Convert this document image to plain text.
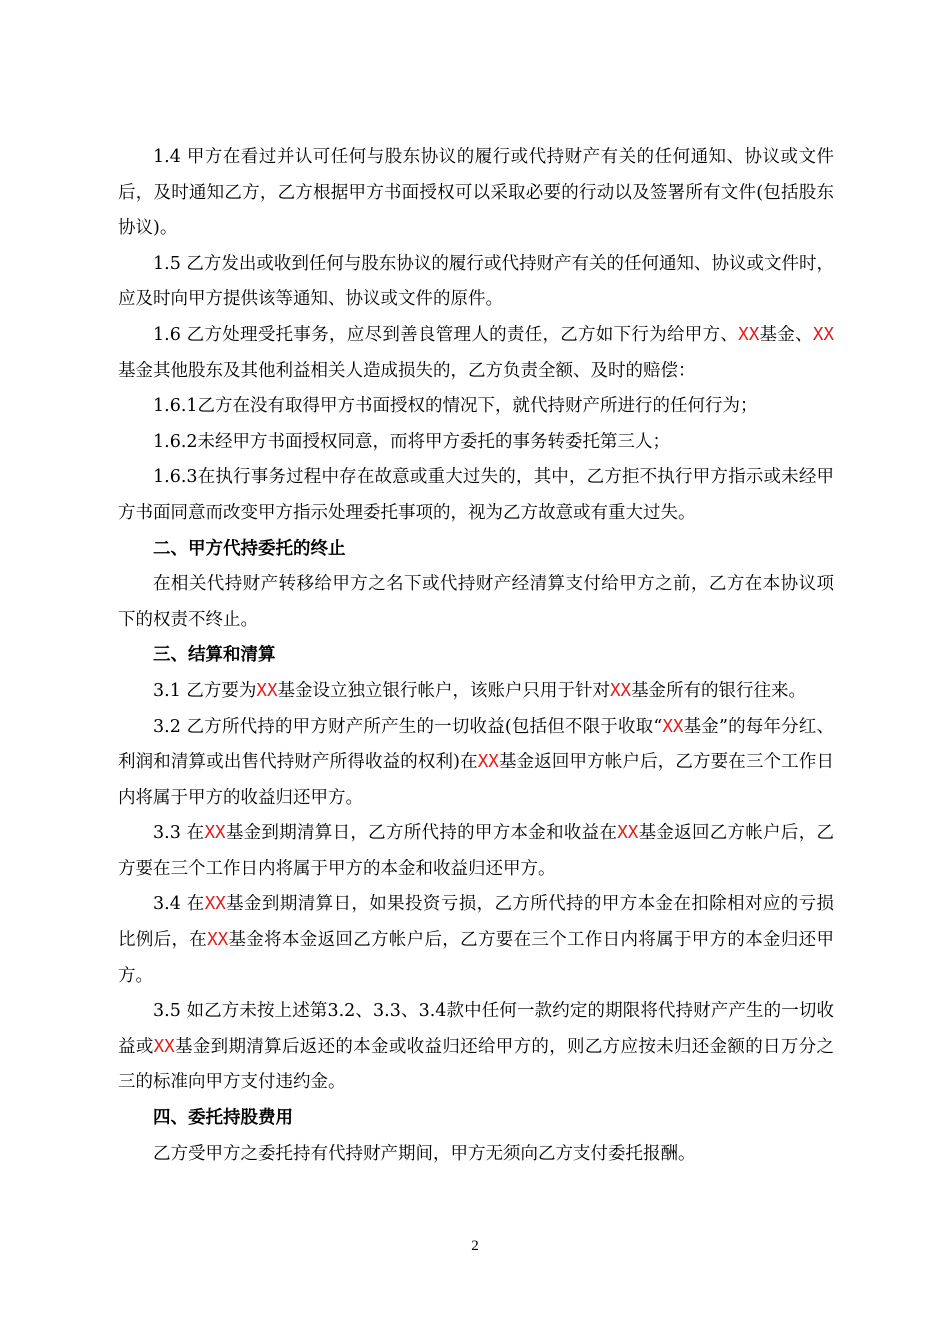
1.4 甲方在看过并认可任何与股东协议的履行或代持财产有关的任何通知、协议或文件后，及时通知乙方，乙方根据甲方书面授权可以采取必要的行动以及签署所有文件(包括股东协议)。

1.5 乙方发出或收到任何与股东协议的履行或代持财产有关的任何通知、协议或文件时，应及时向甲方提供该等通知、协议或文件的原件。

1.6 乙方处理受托事务，应尽到善良管理人的责任，乙方如下行为给甲方、XX基金、XX基金其他股东及其他利益相关人造成损失的，乙方负责全额、及时的赔偿：

1.6.1乙方在没有取得甲方书面授权的情况下，就代持财产所进行的任何行为；

1.6.2未经甲方书面授权同意，而将甲方委托的事务转委托第三人；

1.6.3在执行事务过程中存在故意或重大过失的，其中，乙方拒不执行甲方指示或未经甲方书面同意而改变甲方指示处理委托事项的，视为乙方故意或有重大过失。

二、甲方代持委托的终止

在相关代持财产转移给甲方之名下或代持财产经清算支付给甲方之前，乙方在本协议项下的权责不终止。

三、结算和清算

3.1 乙方要为XX基金设立独立银行帐户，该账户只用于针对XX基金所有的银行往来。

3.2 乙方所代持的甲方财产所产生的一切收益(包括但不限于收取“XX基金”的每年分红、利润和清算或出售代持财产所得收益的权利)在XX基金返回甲方帐户后，乙方要在三个工作日内将属于甲方的收益归还甲方。

3.3 在XX基金到期清算日，乙方所代持的甲方本金和收益在XX基金返回乙方帐户后，乙方要在三个工作日内将属于甲方的本金和收益归还甲方。

3.4 在XX基金到期清算日，如果投资亏损，乙方所代持的甲方本金在扣除相对应的亏损比例后，在XX基金将本金返回乙方帐户后，乙方要在三个工作日内将属于甲方的本金归还甲方。

3.5 如乙方未按上述第3.2、3.3、3.4款中任何一款约定的期限将代持财产产生的一切收益或XX基金到期清算后返还的本金或收益归还给甲方的，则乙方应按未归还金额的日万分之三的标准向甲方支付违约金。

四、委托持股费用

乙方受甲方之委托持有代持财产期间，甲方无须向乙方支付委托报酬。

2
